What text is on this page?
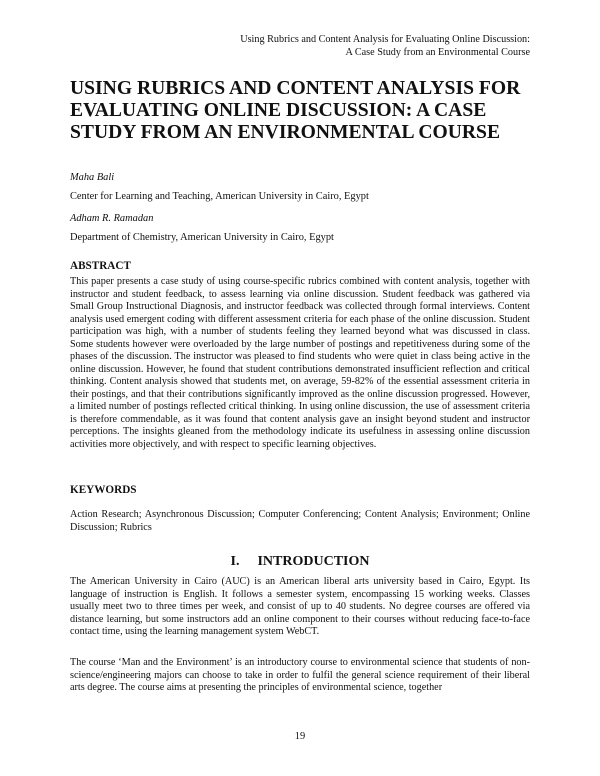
Using Rubrics and Content Analysis for Evaluating Online Discussion:
A Case Study from an Environmental Course
USING RUBRICS AND CONTENT ANALYSIS FOR EVALUATING ONLINE DISCUSSION: A CASE STUDY FROM AN ENVIRONMENTAL COURSE
Maha Bali
Center for Learning and Teaching, American University in Cairo, Egypt
Adham R. Ramadan
Department of Chemistry, American University in Cairo, Egypt
ABSTRACT

This paper presents a case study of using course-specific rubrics combined with content analysis, together with instructor and student feedback, to assess learning via online discussion. Student feedback was gathered via Small Group Instructional Diagnosis, and instructor feedback was collected through formal interviews. Content analysis used emergent coding with different assessment criteria for each phase of the online discussion. Student participation was high, with a number of students feeling they learned beyond what was discussed in class. Some students however were overloaded by the large number of postings and repetitiveness during some of the phases of the discussion. The instructor was pleased to find students who were quiet in class being active in the online discussion. However, he found that student contributions demonstrated insufficient reflection and critical thinking. Content analysis showed that students met, on average, 59-82% of the essential assessment criteria in their postings, and that their contributions significantly improved as the online discussion progressed. However, a limited number of postings reflected critical thinking. In using online discussion, the use of assessment criteria is therefore commendable, as it was found that content analysis gave an insight beyond student and instructor perceptions. The insights gleaned from the methodology indicate its usefulness in assessing online discussion activities more objectively, and with respect to specific learning objectives.

KEYWORDS

Action Research; Asynchronous Discussion; Computer Conferencing; Content Analysis; Environment; Online Discussion; Rubrics

I. INTRODUCTION

The American University in Cairo (AUC) is an American liberal arts university based in Cairo, Egypt. Its language of instruction is English. It follows a semester system, encompassing 15 working weeks. Classes usually meet two to three times per week, and consist of up to 40 students. No degree courses are offered via distance learning, but some instructors add an online component to their courses without reducing face-to-face contact time, using the learning management system WebCT.

The course ‘Man and the Environment’ is an introductory course to environmental science that students of non-science/engineering majors can choose to take in order to fulfil the general science requirement of their liberal arts degree. The course aims at presenting the principles of environmental science, together

19
